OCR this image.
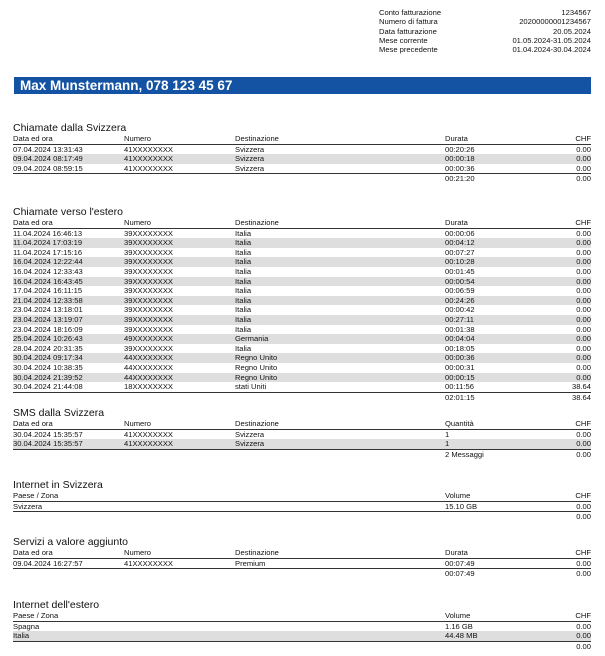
Conto fatturazione	1234567
Numero di fattura	20200000001234567
Data fatturazione	20.05.2024
Mese corrente	01.05.2024-31.05.2024
Mese precedente	01.04.2024-30.04.2024
Max Munstermann, 078 123 45 67
Chiamate dalla Svizzera
Data ed ora	Numero	Destinazione	Durata	CHF
07.04.2024 13:31:43	41XXXXXXXX	Svizzera	00:20:26	0.00
09.04.2024 08:17:49	41XXXXXXXX	Svizzera	00:00:18	0.00
09.04.2024 08:59:15	41XXXXXXXX	Svizzera	00:00:36	0.00
			00:21:20	0.00
Chiamate verso l'estero
Data ed ora	Numero	Destinazione	Durata	CHF
11.04.2024 16:46:13	39XXXXXXXX	Italia	00:00:06	0.00
11.04.2024 17:03:19	39XXXXXXXX	Italia	00:04:12	0.00
11.04.2024 17:15:16	39XXXXXXXX	Italia	00:07:27	0.00
16.04.2024 12:22:44	39XXXXXXXX	Italia	00:10:28	0.00
16.04.2024 12:33:43	39XXXXXXXX	Italia	00:01:45	0.00
16.04.2024 16:43:45	39XXXXXXXX	Italia	00:00:54	0.00
17.04.2024 16:11:15	39XXXXXXXX	Italia	00:06:59	0.00
21.04.2024 12:33:58	39XXXXXXXX	Italia	00:24:26	0.00
23.04.2024 13:18:01	39XXXXXXXX	Italia	00:00:42	0.00
23.04.2024 13:19:07	39XXXXXXXX	Italia	00:27:11	0.00
23.04.2024 18:16:09	39XXXXXXXX	Italia	00:01:38	0.00
25.04.2024 10:26:43	49XXXXXXXX	Germania	00:04:04	0.00
28.04.2024 20:31:35	39XXXXXXXX	Italia	00:18:05	0.00
30.04.2024 09:17:34	44XXXXXXXX	Regno Unito	00:00:36	0.00
30.04.2024 10:38:35	44XXXXXXXX	Regno Unito	00:00:31	0.00
30.04.2024 21:39:52	44XXXXXXXX	Regno Unito	00:00:15	0.00
30.04.2024 21:44:08	18XXXXXXXX	stati Uniti	00:11:56	38.64
			02:01:15	38.64
SMS dalla Svizzera
Data ed ora	Numero	Destinazione	Quantità	CHF
30.04.2024 15:35:57	41XXXXXXXX	Svizzera	1	0.00
30.04.2024 15:35:57	41XXXXXXXX	Svizzera	1	0.00
			2 Messaggi	0.00
Internet in Svizzera
Paese / Zona			Volume	CHF
Svizzera			15.10 GB	0.00
				0.00
Servizi a valore aggiunto
Data ed ora	Numero	Destinazione	Durata	CHF
09.04.2024 16:27:57	41XXXXXXXX	Premium	00:07:49	0.00
			00:07:49	0.00
Internet dell'estero
Paese / Zona			Volume	CHF
Spagna			1.16 GB	0.00
Italia			44.48 MB	0.00
				0.00
